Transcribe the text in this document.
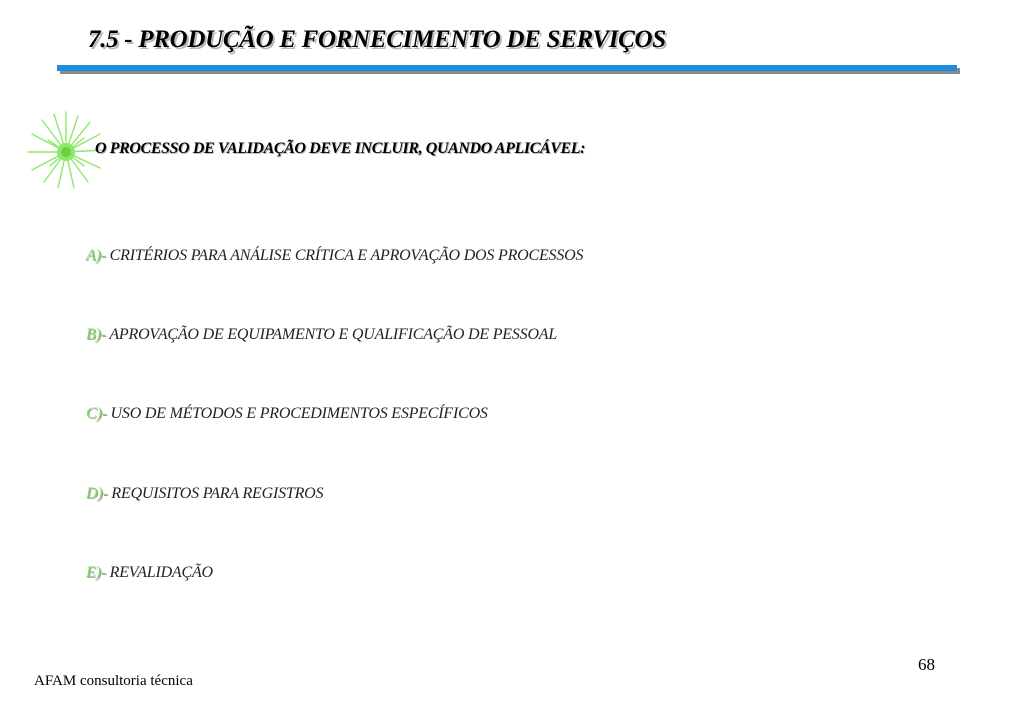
7.5 - PRODUÇÃO E FORNECIMENTO DE SERVIÇOS

O PROCESSO DE VALIDAÇÃO DEVE INCLUIR, QUANDO APLICÁVEL:

A)- CRITÉRIOS PARA ANÁLISE CRÍTICA E APROVAÇÃO DOS PROCESSOS

B)- APROVAÇÃO DE EQUIPAMENTO E QUALIFICAÇÃO DE PESSOAL

C)- USO DE MÉTODOS E PROCEDIMENTOS ESPECÍFICOS

D)- REQUISITOS PARA REGISTROS

E)- REVALIDAÇÃO

68
AFAM consultoria técnica
